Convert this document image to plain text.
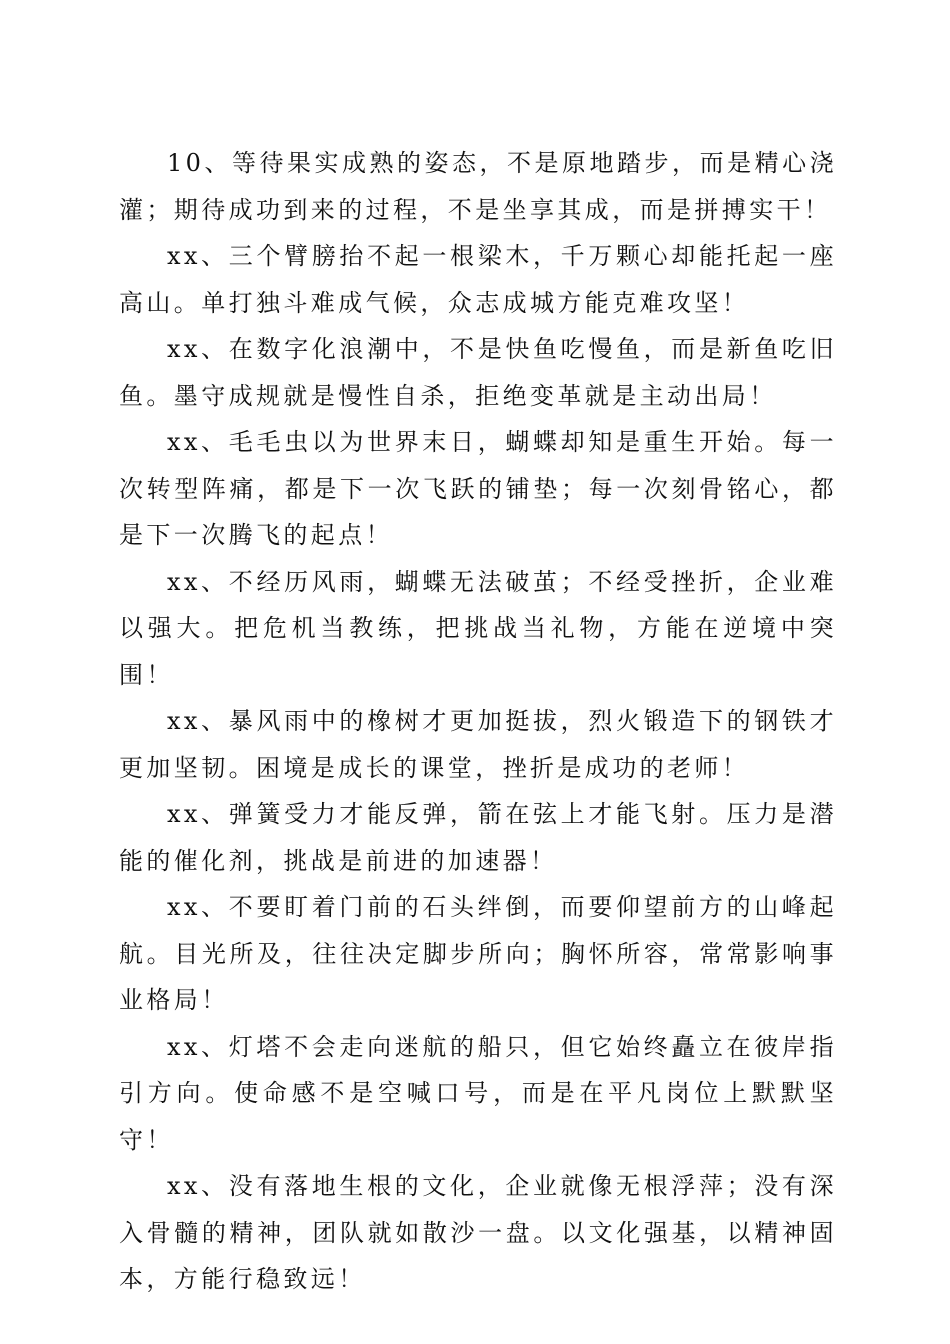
10、等待果实成熟的姿态，不是原地踏步，而是精心浇灌；期待成功到来的过程，不是坐享其成，而是拼搏实干！

xx、三个臂膀抬不起一根梁木，千万颗心却能托起一座高山。单打独斗难成气候，众志成城方能克难攻坚！

xx、在数字化浪潮中，不是快鱼吃慢鱼，而是新鱼吃旧鱼。墨守成规就是慢性自杀，拒绝变革就是主动出局！

xx、毛毛虫以为世界末日，蝴蝶却知是重生开始。每一次转型阵痛，都是下一次飞跃的铺垫；每一次刻骨铭心，都是下一次腾飞的起点！

xx、不经历风雨，蝴蝶无法破茧；不经受挫折，企业难以强大。把危机当教练，把挑战当礼物，方能在逆境中突围！

xx、暴风雨中的橡树才更加挺拔，烈火锻造下的钢铁才更加坚韧。困境是成长的课堂，挫折是成功的老师！

xx、弹簧受力才能反弹，箭在弦上才能飞射。压力是潜能的催化剂，挑战是前进的加速器！

xx、不要盯着门前的石头绊倒，而要仰望前方的山峰起航。目光所及，往往决定脚步所向；胸怀所容，常常影响事业格局！

xx、灯塔不会走向迷航的船只，但它始终矗立在彼岸指引方向。使命感不是空喊口号，而是在平凡岗位上默默坚守！

xx、没有落地生根的文化，企业就像无根浮萍；没有深入骨髓的精神，团队就如散沙一盘。以文化强基，以精神固本，方能行稳致远！
